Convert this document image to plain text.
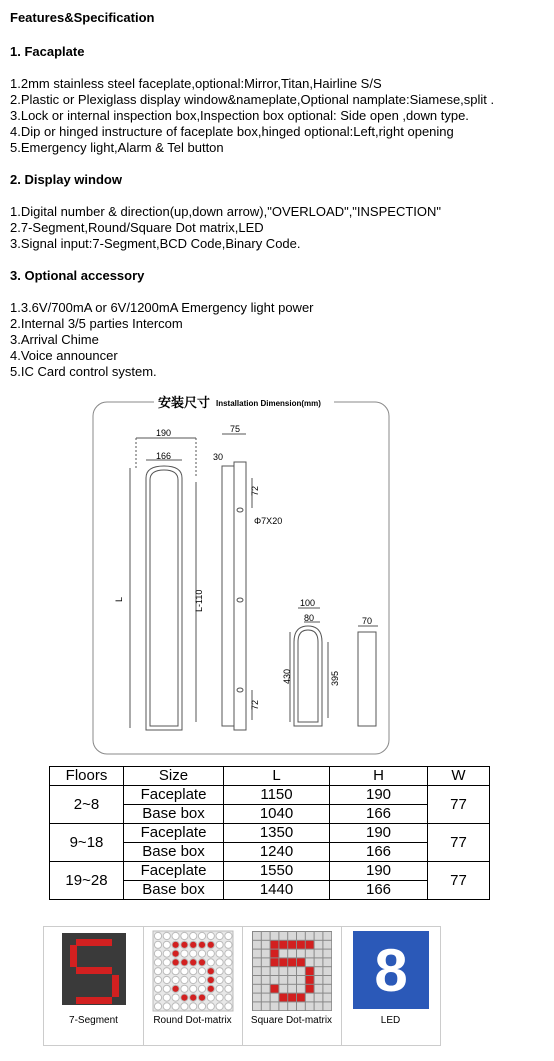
Features&Specification
1. Facaplate
1.2mm stainless steel faceplate,optional:Mirror,Titan,Hairline S/S
2.Plastic or Plexiglass display window&nameplate,Optional namplate:Siamese,split .
3.Lock or internal inspection box,Inspection box optional: Side open ,down type.
4.Dip or hinged instructure of faceplate box,hinged optional:Left,right opening
5.Emergency light,Alarm & Tel button
2. Display window
1.Digital number & direction(up,down arrow),"OVERLOAD","INSPECTION"
2.7-Segment,Round/Square Dot matrix,LED
3.Signal input:7-Segment,BCD Code,Binary Code.
3. Optional accessory
1.3.6V/700mA or 6V/1200mA Emergency light power
2.Internal 3/5 parties Intercom
3.Arrival Chime
4.Voice announcer
5.IC Card control system.
安装尺寸 Installation Dimension(mm)
190
166
L	L-110
75
30
72
Φ7X20
72
100
80
430	395
70
Floors	Size	L	H	W
2~8	Faceplate	1150	190	77
	Base box	1040	166	
9~18	Faceplate	1350	190	77
	Base box	1240	166	
19~28	Faceplate	1550	190	77
	Base box	1440	166	
7-Segment	Round Dot-matrix	Square Dot-matrix
8
LED
